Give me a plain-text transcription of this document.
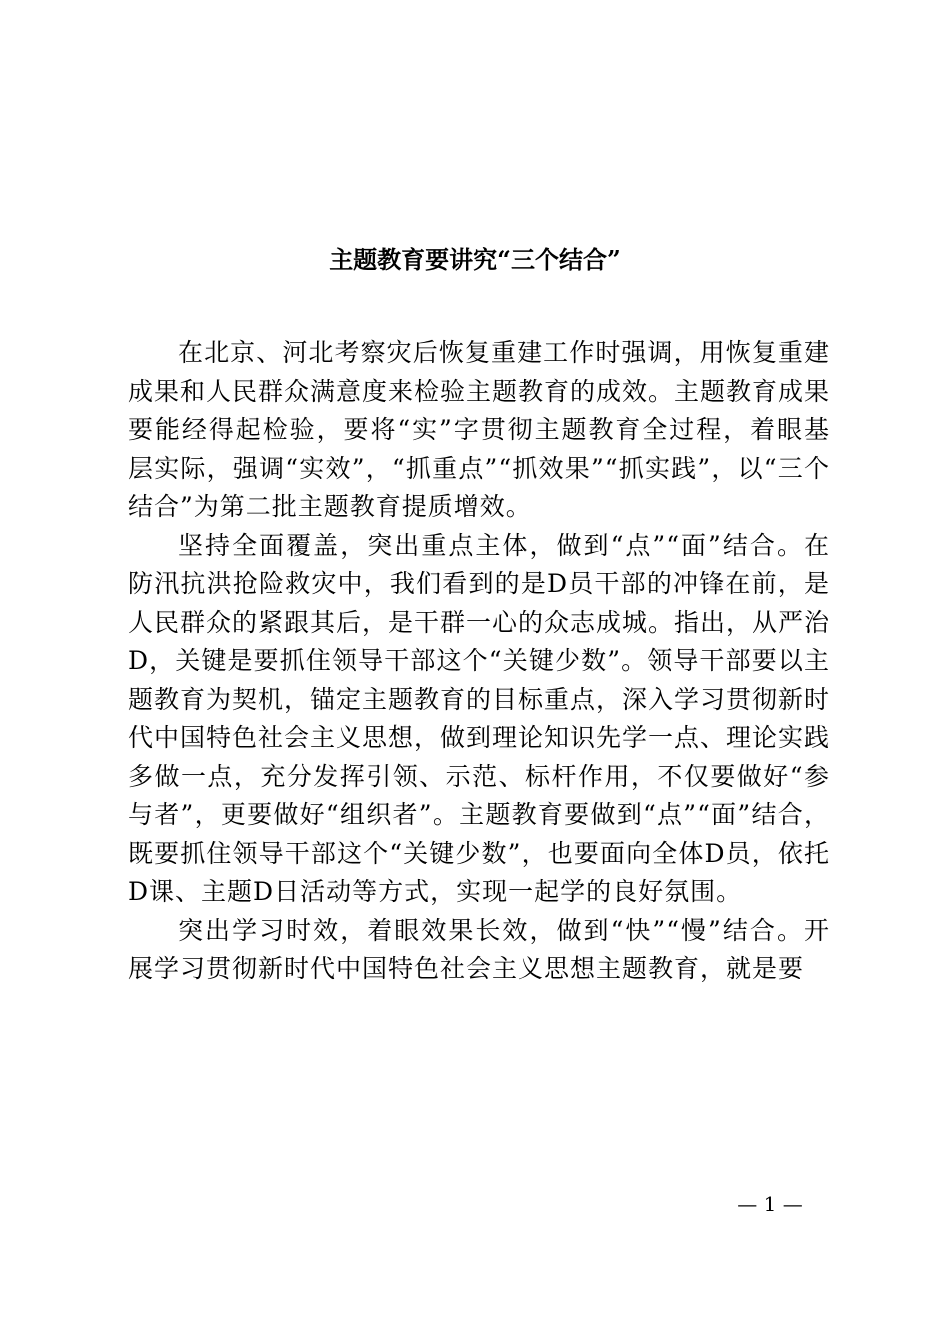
主题教育要讲究“三个结合”

在北京、河北考察灾后恢复重建工作时强调，用恢复重建成果和人民群众满意度来检验主题教育的成效。主题教育成果要能经得起检验，要将“实”字贯彻主题教育全过程，着眼基层实际，强调“实效”，“抓重点”“抓效果”“抓实践”，以“三个结合”为第二批主题教育提质增效。

坚持全面覆盖，突出重点主体，做到“点”“面”结合。在防汛抗洪抢险救灾中，我们看到的是D员干部的冲锋在前，是人民群众的紧跟其后，是干群一心的众志成城。指出，从严治D，关键是要抓住领导干部这个“关键少数”。领导干部要以主题教育为契机，锚定主题教育的目标重点，深入学习贯彻新时代中国特色社会主义思想，做到理论知识先学一点、理论实践多做一点，充分发挥引领、示范、标杆作用，不仅要做好“参与者”，更要做好“组织者”。主题教育要做到“点”“面”结合，既要抓住领导干部这个“关键少数”，也要面向全体D员，依托D课、主题D日活动等方式，实现一起学的良好氛围。

突出学习时效，着眼效果长效，做到“快”“慢”结合。开展学习贯彻新时代中国特色社会主义思想主题教育，就是要

— 1 —
